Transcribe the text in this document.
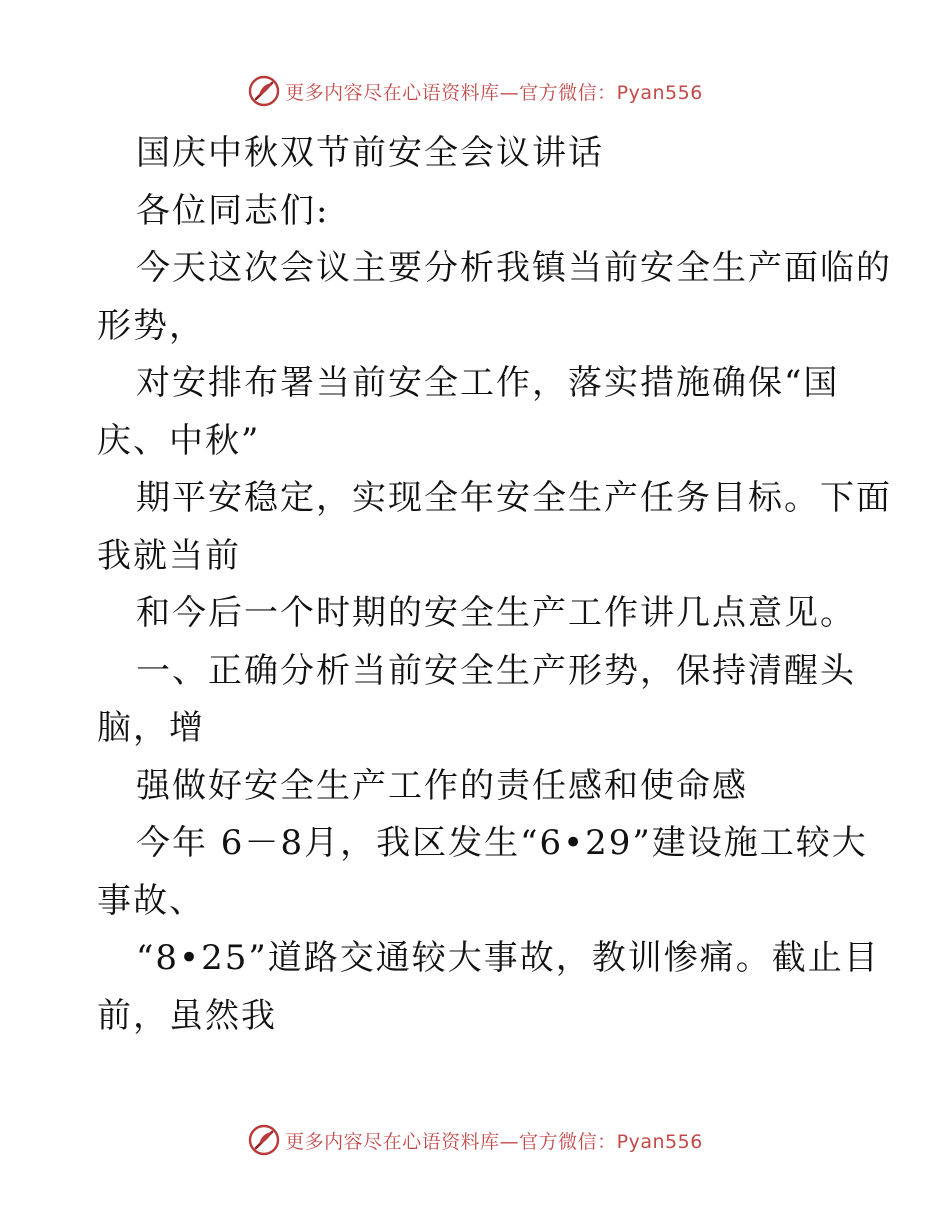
更多内容尽在心语资料库—官方微信：Pyan556
国庆中秋双节前安全会议讲话
各位同志们:
今天这次会议主要分析我镇当前安全生产面临的
形势，
对安排布署当前安全工作，落实措施确保“国
庆、中秋”
期平安稳定，实现全年安全生产任务目标。下面
我就当前
和今后一个时期的安全生产工作讲几点意见。
一、正确分析当前安全生产形势，保持清醒头
脑，增
强做好安全生产工作的责任感和使命感
今年 6－8月，我区发生“6•29”建设施工较大
事故、
“8•25”道路交通较大事故，教训惨痛。截止目
前，虽然我
更多内容尽在心语资料库—官方微信：Pyan556
